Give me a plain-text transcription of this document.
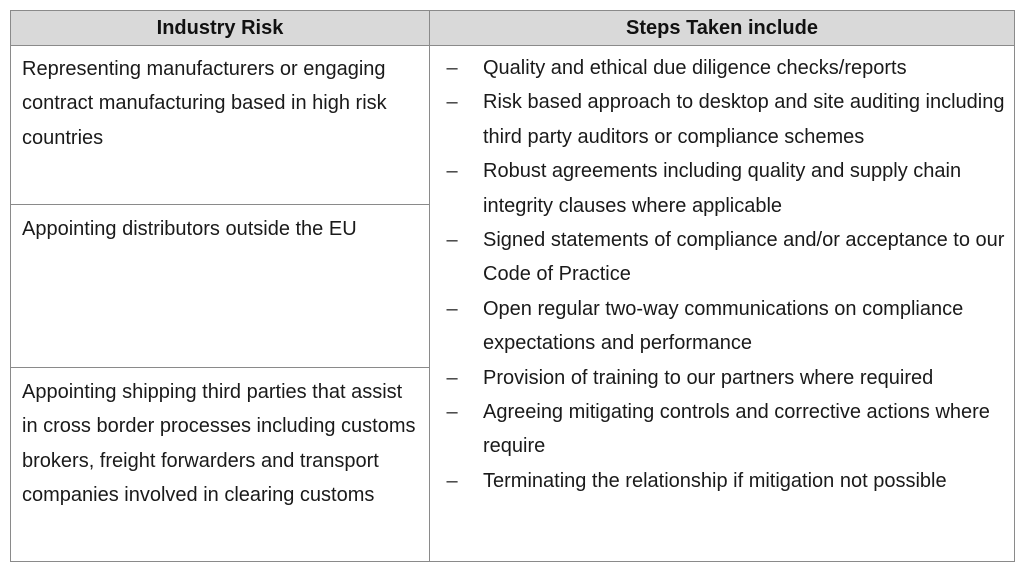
Industry Risk	Steps Taken include
Representing manufacturers or engaging contract manufacturing based in high risk countries
Appointing distributors outside the EU
Appointing shipping third parties that assist in cross border processes including customs brokers, freight forwarders and transport companies involved in clearing customs
– Quality and ethical due diligence checks/reports
– Risk based approach to desktop and site auditing including third party auditors or compliance schemes
– Robust agreements including quality and supply chain integrity clauses where applicable
– Signed statements of compliance and/or acceptance to our Code of Practice
– Open regular two-way communications on compliance expectations and performance
– Provision of training to our partners where required
– Agreeing mitigating controls and corrective actions where require
– Terminating the relationship if mitigation not possible
